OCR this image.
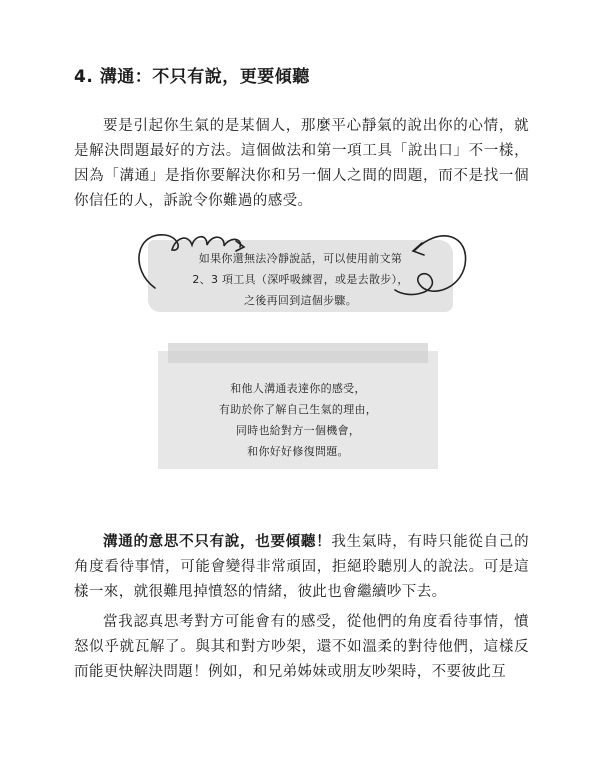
4. 溝通：不只有說，更要傾聽
要是引起你生氣的是某個人，那麼平心靜氣的說出你的心情，就是解決問題最好的方法。這個做法和第一項工具「說出口」不一樣，因為「溝通」是指你要解決你和另一個人之間的問題，而不是找一個你信任的人，訴說令你難過的感受。
如果你還無法冷靜說話，可以使用前文第
2、3 項工具（深呼吸練習，或是去散步），
之後再回到這個步驟。
和他人溝通表達你的感受，
有助於你了解自己生氣的理由，
同時也給對方一個機會，
和你好好修復問題。
溝通的意思不只有說，也要傾聽！我生氣時，有時只能從自己的角度看待事情，可能會變得非常頑固，拒絕聆聽別人的說法。可是這樣一來，就很難甩掉憤怒的情緒，彼此也會繼續吵下去。
當我認真思考對方可能會有的感受，從他們的角度看待事情，憤怒似乎就瓦解了。與其和對方吵架，還不如溫柔的對待他們，這樣反而能更快解決問題！例如，和兄弟姊妹或朋友吵架時，不要彼此互
